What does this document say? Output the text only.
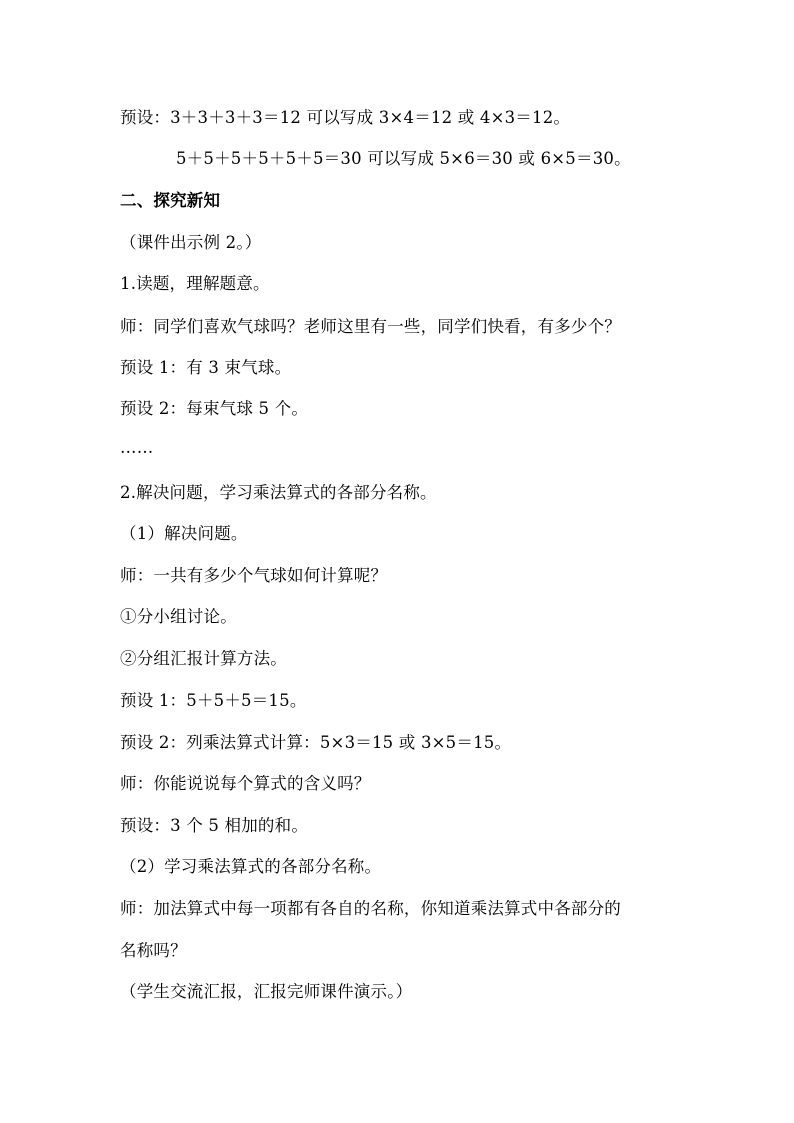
预设：3＋3＋3＋3＝12 可以写成 3×4＝12 或 4×3＝12。
5＋5＋5＋5＋5＋5＝30 可以写成 5×6＝30 或 6×5＝30。
二、探究新知
（课件出示例 2。）
1.读题，理解题意。
师：同学们喜欢气球吗？老师这里有一些，同学们快看，有多少个？
预设 1：有 3 束气球。
预设 2：每束气球 5 个。
……
2.解决问题，学习乘法算式的各部分名称。
（1）解决问题。
师：一共有多少个气球如何计算呢？
①分小组讨论。
②分组汇报计算方法。
预设 1：5＋5＋5＝15。
预设 2：列乘法算式计算：5×3＝15 或 3×5＝15。
师：你能说说每个算式的含义吗？
预设：3 个 5 相加的和。
（2）学习乘法算式的各部分名称。
师：加法算式中每一项都有各自的名称，你知道乘法算式中各部分的
名称吗？
（学生交流汇报，汇报完师课件演示。）
